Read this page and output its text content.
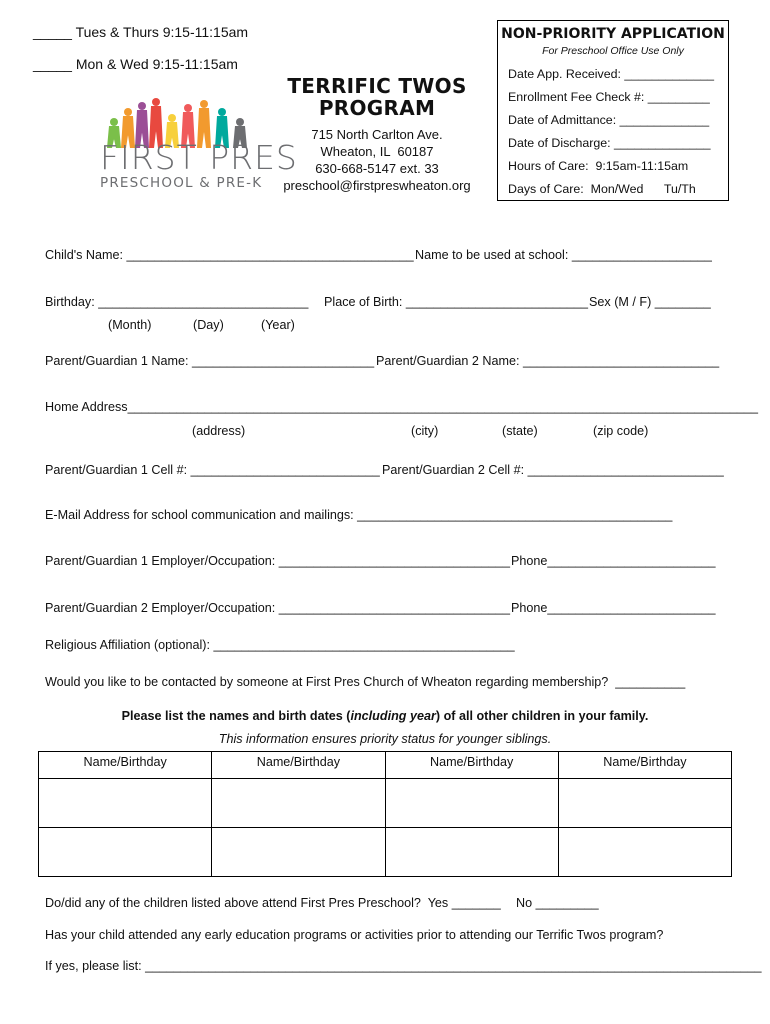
_____ Tues & Thurs 9:15-11:15am
_____ Mon & Wed 9:15-11:15am
FIRST PRES
PRESCHOOL & PRE-K
TERRIFIC TWOS
PROGRAM
715 North Carlton Ave.
Wheaton, IL  60187
630-668-5147 ext. 33
preschool@firstpreswheaton.org
NON-PRIORITY APPLICATION
For Preschool Office Use Only
Date App. Received: _____________
Enrollment Fee Check #: _________
Date of Admittance: _____________
Date of Discharge: ______________
Hours of Care:  9:15am-11:15am
Days of Care:  Mon/Wed      Tu/Th
Child's Name: _________________________________________ Name to be used at school: ____________________
Birthday: ______________________________ Place of Birth: __________________________ Sex (M / F) ________
(Month)	(Day)	(Year)
Parent/Guardian 1 Name: __________________________ Parent/Guardian 2 Name: ____________________________
Home Address__________________________________________________________________________________________
(address)	(city)	(state)	(zip code)
Parent/Guardian 1 Cell #: ___________________________ Parent/Guardian 2 Cell #: ____________________________
E-Mail Address for school communication and mailings: _____________________________________________
Parent/Guardian 1 Employer/Occupation: _________________________________ Phone________________________
Parent/Guardian 2 Employer/Occupation: _________________________________ Phone________________________
Religious Affiliation (optional): ___________________________________________
Would you like to be contacted by someone at First Pres Church of Wheaton regarding membership?  __________
Please list the names and birth dates (including year) of all other children in your family.
This information ensures priority status for younger siblings.
Name/Birthday	Name/Birthday	Name/Birthday	Name/Birthday

Do/did any of the children listed above attend First Pres Preschool?  Yes _______ No _________
Has your child attended any early education programs or activities prior to attending our Terrific Twos program?
If yes, please list: ________________________________________________________________________________________
